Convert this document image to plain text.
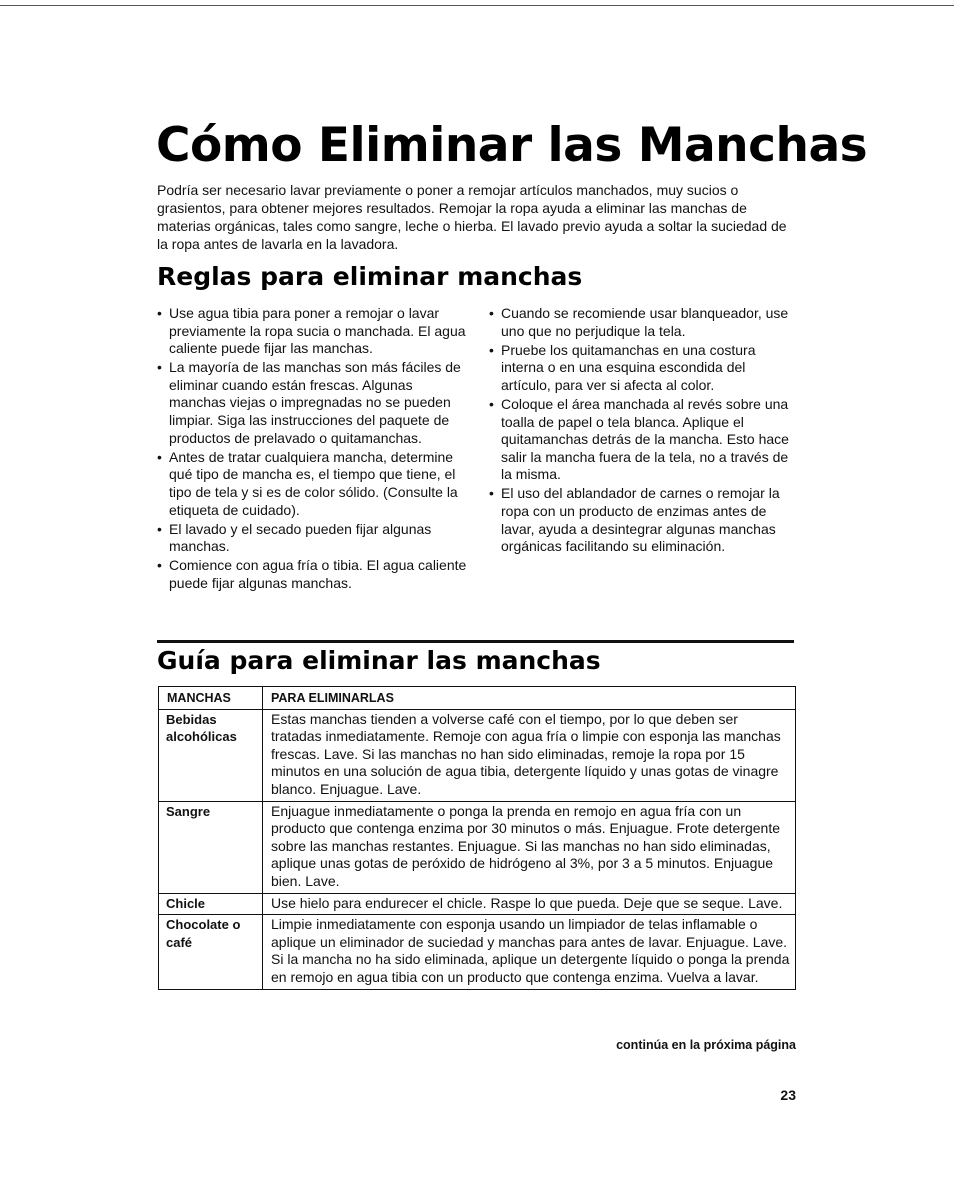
Cómo Eliminar las Manchas

Podría ser necesario lavar previamente o poner a remojar artículos manchados, muy sucios o grasientos, para obtener mejores resultados. Remojar la ropa ayuda a eliminar las manchas de materias orgánicas, tales como sangre, leche o hierba. El lavado previo ayuda a soltar la suciedad de la ropa antes de lavarla en la lavadora.

Reglas para eliminar manchas
• Use agua tibia para poner a remojar o lavar previamente la ropa sucia o manchada. El agua caliente puede fijar las manchas.
• La mayoría de las manchas son más fáciles de eliminar cuando están frescas. Algunas manchas viejas o impregnadas no se pueden limpiar. Siga las instrucciones del paquete de productos de prelavado o quitamanchas.
• Antes de tratar cualquiera mancha, determine qué tipo de mancha es, el tiempo que tiene, el tipo de tela y si es de color sólido. (Consulte la etiqueta de cuidado).
• El lavado y el secado pueden fijar algunas manchas.
• Comience con agua fría o tibia. El agua caliente puede fijar algunas manchas.
• Cuando se recomiende usar blanqueador, use uno que no perjudique la tela.
• Pruebe los quitamanchas en una costura interna o en una esquina escondida del artículo, para ver si afecta al color.
• Coloque el área manchada al revés sobre una toalla de papel o tela blanca. Aplique el quitamanchas detrás de la mancha. Esto hace salir la mancha fuera de la tela, no a través de la misma.
• El uso del ablandador de carnes o remojar la ropa con un producto de enzimas antes de lavar, ayuda a desintegrar algunas manchas orgánicas facilitando su eliminación.
Guía para eliminar las manchas
MANCHAS	PARA ELIMINARLAS
Bebidas alcohólicas	Estas manchas tienden a volverse café con el tiempo, por lo que deben ser tratadas inmediatamente. Remoje con agua fría o limpie con esponja las manchas frescas. Lave. Si las manchas no han sido eliminadas, remoje la ropa por 15 minutos en una solución de agua tibia, detergente líquido y unas gotas de vinagre blanco. Enjuague. Lave.
Sangre	Enjuague inmediatamente o ponga la prenda en remojo en agua fría con un producto que contenga enzima por 30 minutos o más. Enjuague. Frote detergente sobre las manchas restantes. Enjuague. Si las manchas no han sido eliminadas, aplique unas gotas de peróxido de hidrógeno al 3%, por 3 a 5 minutos. Enjuague bien. Lave.
Chicle	Use hielo para endurecer el chicle. Raspe lo que pueda. Deje que se seque. Lave.
Chocolate o café	Limpie inmediatamente con esponja usando un limpiador de telas inflamable o aplique un eliminador de suciedad y manchas para antes de lavar. Enjuague. Lave. Si la mancha no ha sido eliminada, aplique un detergente líquido o ponga la prenda en remojo en agua tibia con un producto que contenga enzima. Vuelva a lavar.

continúa en la próxima página

23
